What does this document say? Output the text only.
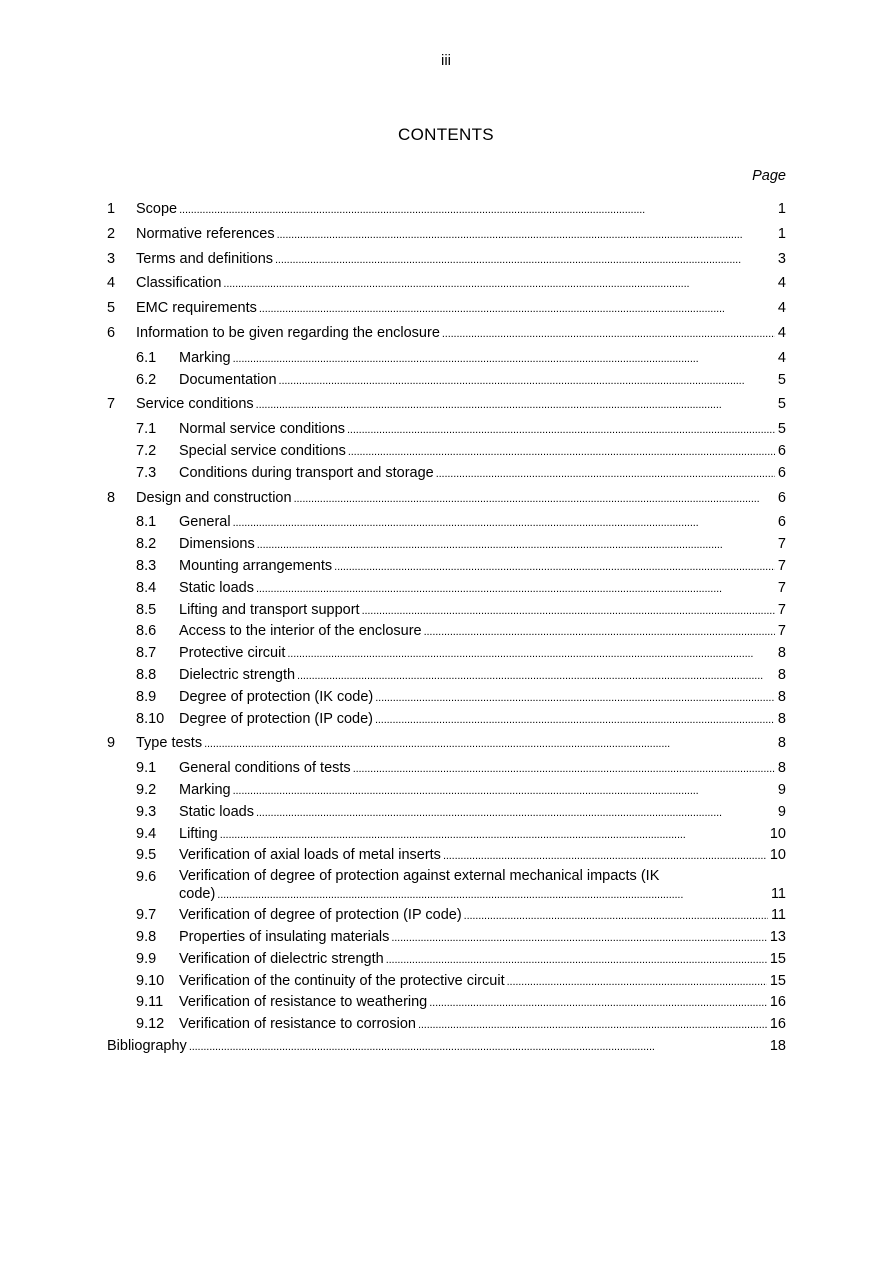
iii
CONTENTS
Page
1 Scope . . .	1
2 Normative references . . .	1
3 Terms and definitions . . .	3
4 Classification . . .	4
5 EMC requirements . . .	4
6 Information to be given regarding the enclosure . . .	4
6.1 Marking . . .	4
6.2 Documentation . . .	5
7 Service conditions . . .	5
7.1 Normal service conditions . . .	5
7.2 Special service conditions . . .	6
7.3 Conditions during transport and storage . . .	6
8 Design and construction . . .	6
8.1 General . . .	6
8.2 Dimensions . . .	7
8.3 Mounting arrangements . . .	7
8.4 Static loads . . .	7
8.5 Lifting and transport support . . .	7
8.6 Access to the interior of the enclosure . . .	7
8.7 Protective circuit . . .	8
8.8 Dielectric strength . . .	8
8.9 Degree of protection (IK code) . . .	8
8.10 Degree of protection (IP code) . . .	8
9 Type tests . . .	8
9.1 General conditions of tests . . .	8
9.2 Marking . . .	9
9.3 Static loads . . .	9
9.4 Lifting . . .	10
9.5 Verification of axial loads of metal inserts . . .	10
9.6 Verification of degree of protection against external mechanical impacts (IK
code) . . .	11
9.7 Verification of degree of protection (IP code) . . .	11
9.8 Properties of insulating materials . . .	13
9.9 Verification of dielectric strength . . .	15
9.10 Verification of the continuity of the protective circuit . . .	15
9.11 Verification of resistance to weathering . . .	16
9.12 Verification of resistance to corrosion . . .	16
Bibliography . . .	18
